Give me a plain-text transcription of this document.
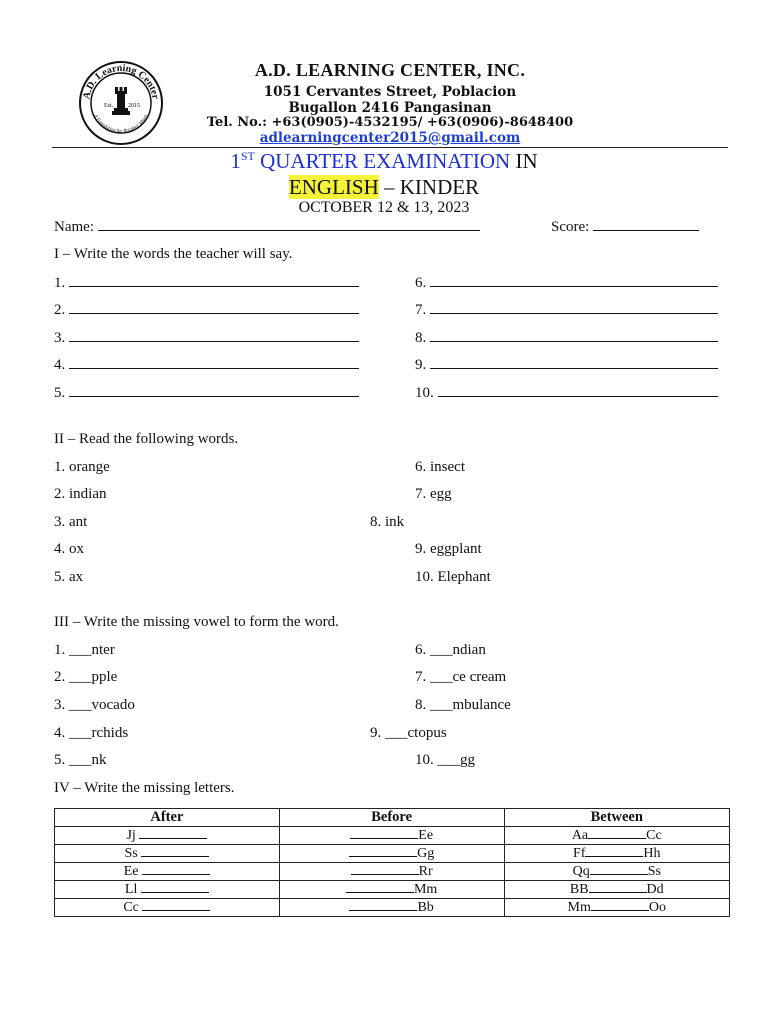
A.D. Learning Center
A Foundation for Brighter Minds
Est. 2015
A.D. LEARNING CENTER, INC.
1051 Cervantes Street, Poblacion
Bugallon 2416 Pangasinan
Tel. No.: +63(0905)-4532195/ +63(0906)-8648400
adlearningcenter2015@gmail.com
1ST QUARTER EXAMINATION IN
ENGLISH – KINDER
OCTOBER 12 & 13, 2023
Name:	Score:
I – Write the words the teacher will say.
1.
2.
3.
4.
5.
6.
7.
8.
9.
10.
II – Read the following words.
1. orange
2. indian
3. ant
4. ox
5. ax
6. insect
7. egg
8. ink
9. eggplant
10. Elephant
III – Write the missing vowel to form the word.
1. ___nter
2. ___pple
3. ___vocado
4. ___rchids
5. ___nk
6. ___ndian
7. ___ce cream
8. ___mbulance
9. ___ctopus
10. ___gg
IV – Write the missing letters.
After	Before	Between
Jj	Ee	Aa Cc
Ss	Gg	Ff Hh
Ee	Rr	Qq Ss
Ll	Mm	BB Dd
Cc	Bb	Mm Oo
